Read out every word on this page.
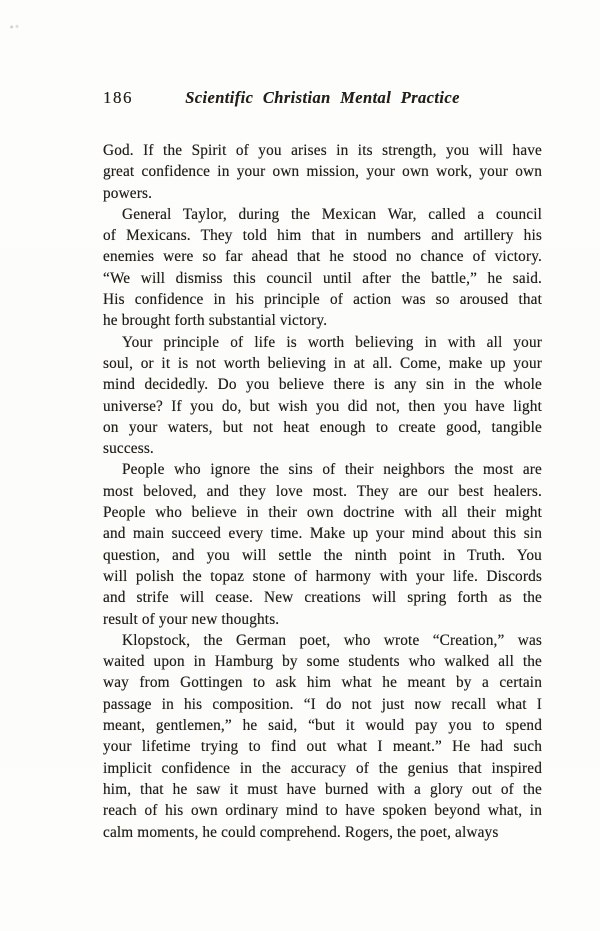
186	Scientific Christian Mental Practice
God. If the Spirit of you arises in its strength, you will have
great confidence in your own mission, your own work, your own
powers.
General Taylor, during the Mexican War, called a council
of Mexicans. They told him that in numbers and artillery his
enemies were so far ahead that he stood no chance of victory.
“We will dismiss this council until after the battle,” he said.
His confidence in his principle of action was so aroused that
he brought forth substantial victory.
Your principle of life is worth believing in with all your
soul, or it is not worth believing in at all. Come, make up your
mind decidedly. Do you believe there is any sin in the whole
universe? If you do, but wish you did not, then you have light
on your waters, but not heat enough to create good, tangible
success.
People who ignore the sins of their neighbors the most are
most beloved, and they love most. They are our best healers.
People who believe in their own doctrine with all their might
and main succeed every time. Make up your mind about this sin
question, and you will settle the ninth point in Truth. You
will polish the topaz stone of harmony with your life. Discords
and strife will cease. New creations will spring forth as the
result of your new thoughts.
Klopstock, the German poet, who wrote “Creation,” was
waited upon in Hamburg by some students who walked all the
way from Gottingen to ask him what he meant by a certain
passage in his composition. “I do not just now recall what I
meant, gentlemen,” he said, “but it would pay you to spend
your lifetime trying to find out what I meant.” He had such
implicit confidence in the accuracy of the genius that inspired
him, that he saw it must have burned with a glory out of the
reach of his own ordinary mind to have spoken beyond what, in
calm moments, he could comprehend. Rogers, the poet, always
